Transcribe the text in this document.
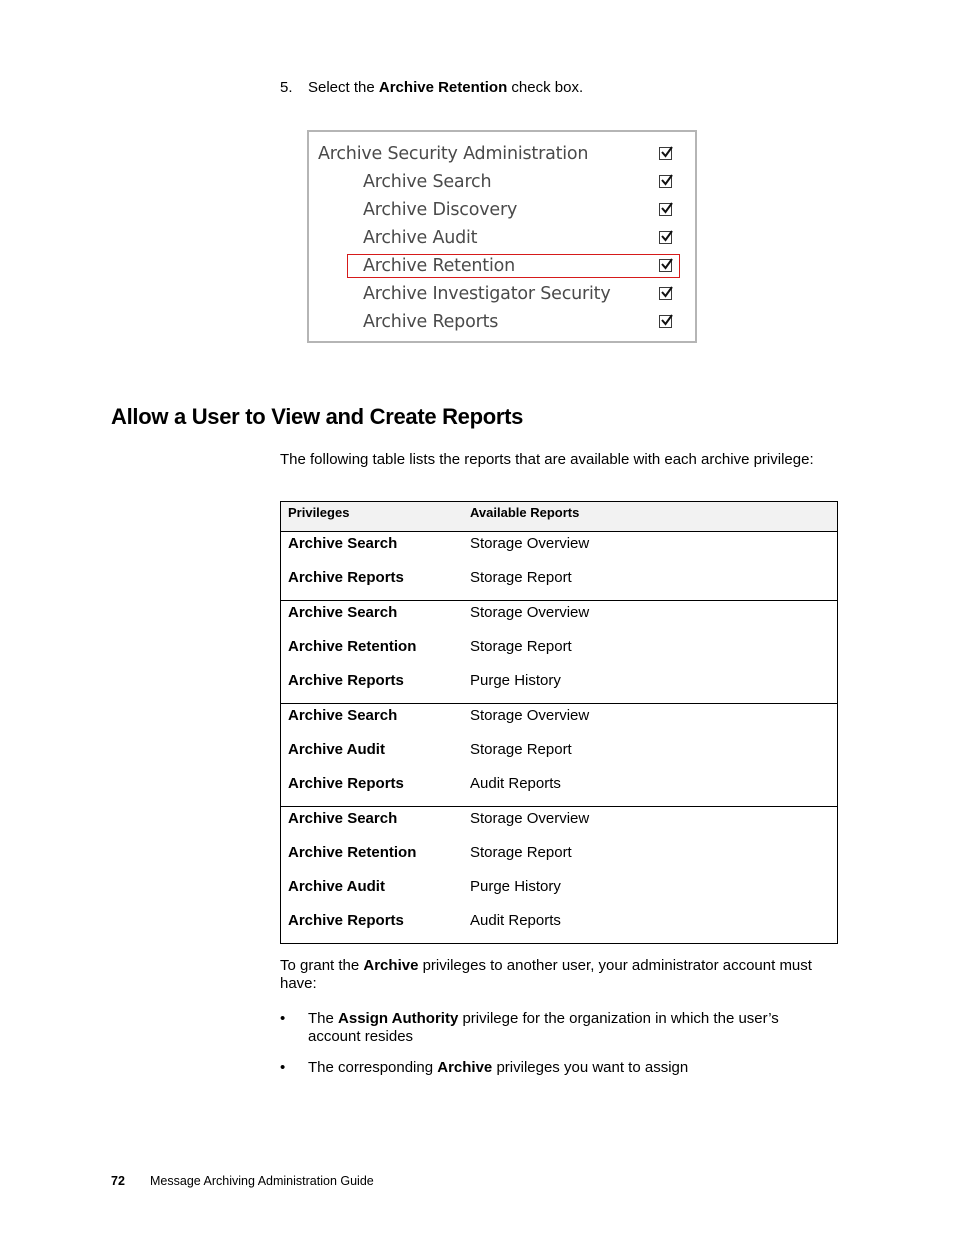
5. Select the Archive Retention check box.
Archive Security Administration
Archive Search
Archive Discovery
Archive Audit
Archive Retention
Archive Investigator Security
Archive Reports
Allow a User to View and Create Reports
The following table lists the reports that are available with each archive privilege:
Privileges	Available Reports
Archive Search	Storage Overview
Archive Reports	Storage Report
Archive Search	Storage Overview
Archive Retention	Storage Report
Archive Reports	Purge History
Archive Search	Storage Overview
Archive Audit	Storage Report
Archive Reports	Audit Reports
Archive Search	Storage Overview
Archive Retention	Storage Report
Archive Audit	Purge History
Archive Reports	Audit Reports
To grant the Archive privileges to another user, your administrator account must have:
• The Assign Authority privilege for the organization in which the user’s account resides
• The corresponding Archive privileges you want to assign
72 Message Archiving Administration Guide
